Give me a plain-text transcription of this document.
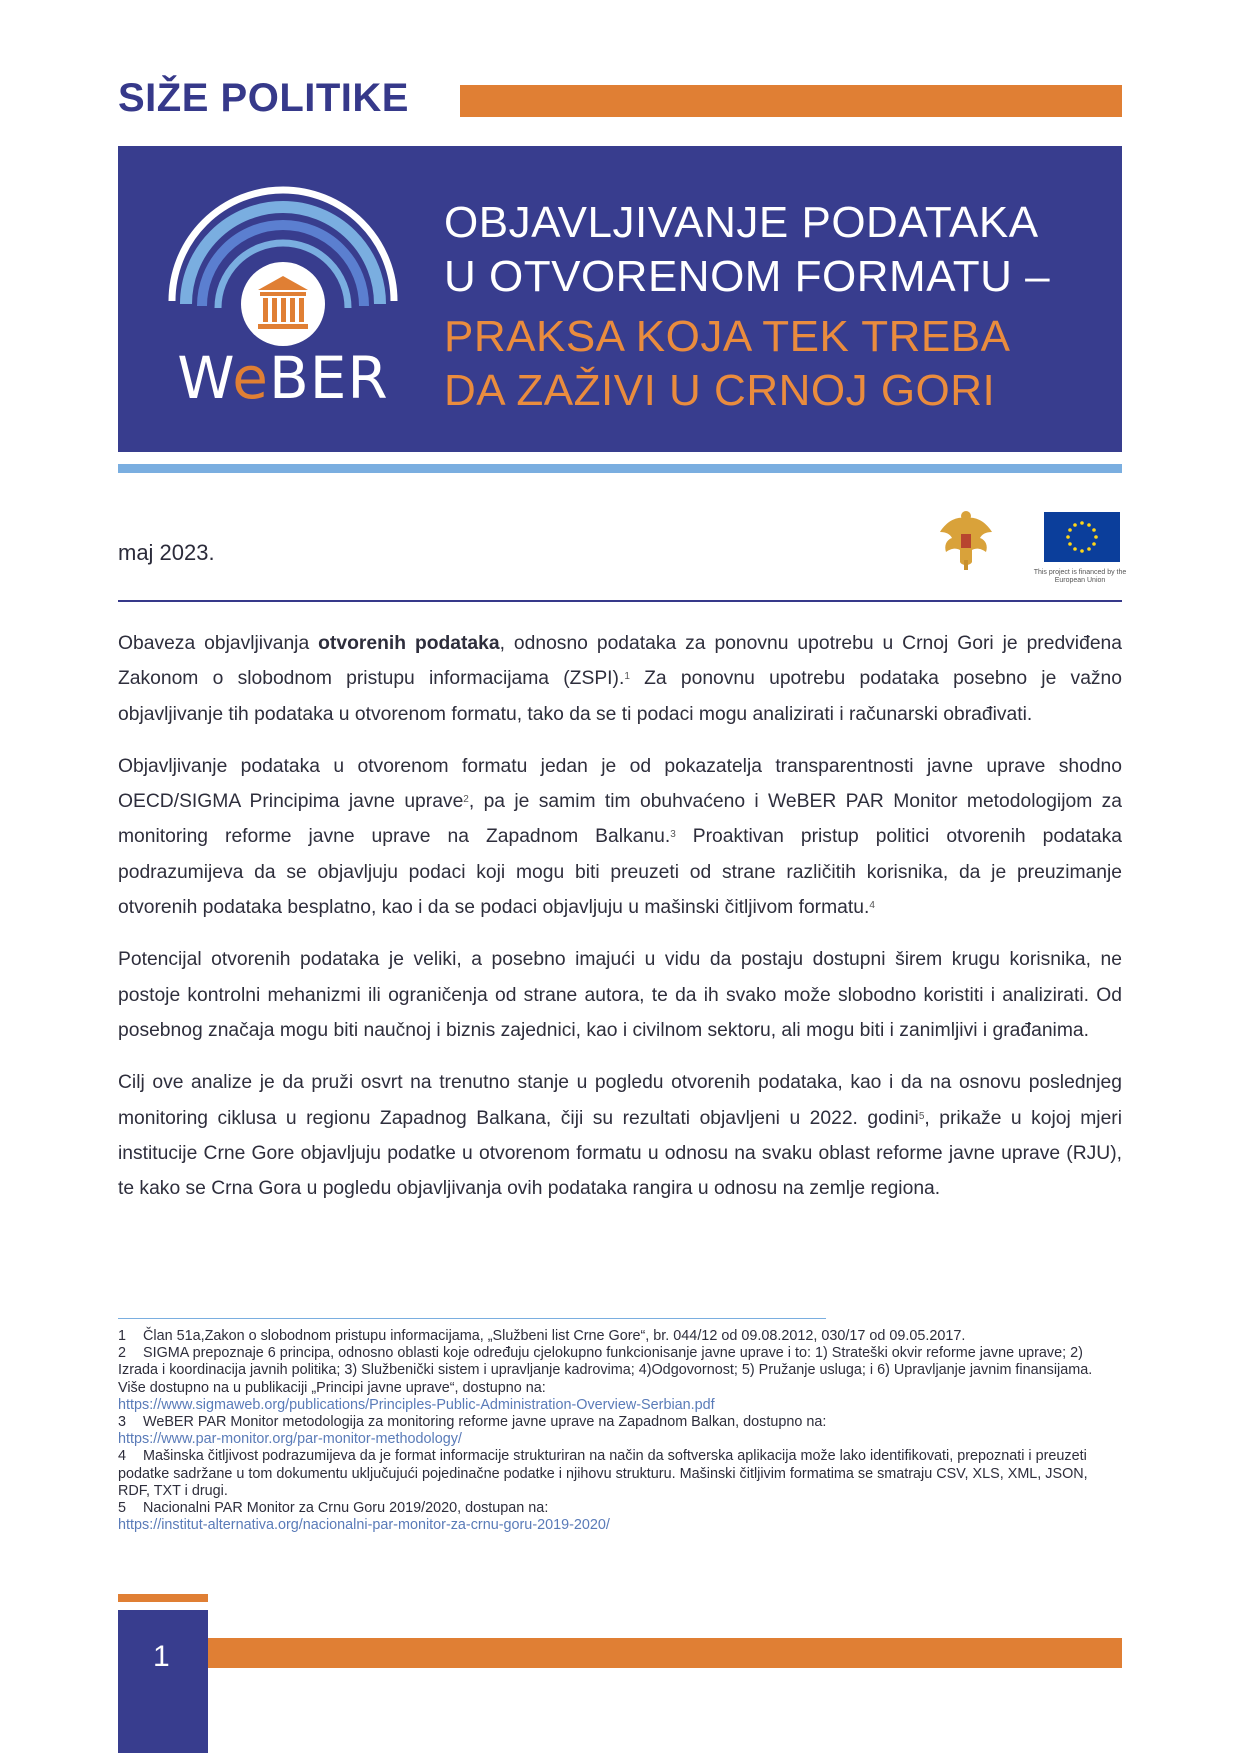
SIŽE POLITIKE
WeBER
OBJAVLJIVANJE PODATAKA
U OTVORENOM FORMATU –
PRAKSA KOJA TEK TREBA
DA ZAŽIVI U CRNOJ GORI
maj 2023.
This project is financed by the European Union

Obaveza objavljivanja otvorenih podataka, odnosno podataka za ponovnu upotrebu u Crnoj Gori je predviđena Zakonom o slobodnom pristupu informacijama (ZSPI).$^1$ Za ponovnu upotrebu podataka posebno je važno objavljivanje tih podataka u otvorenom formatu, tako da se ti podaci mogu analizirati i računarski obrađivati.

Objavljivanje podataka u otvorenom formatu jedan je od pokazatelja transparentnosti javne uprave shodno OECD/SIGMA Principima javne uprave$^2$, pa je samim tim obuhvaćeno i WeBER PAR Monitor metodologijom za monitoring reforme javne uprave na Zapadnom Balkanu.$^3$ Proaktivan pristup politici otvorenih podataka podrazumijeva da se objavljuju podaci koji mogu biti preuzeti od strane različitih korisnika, da je preuzimanje otvorenih podataka besplatno, kao i da se podaci objavljuju u mašinski čitljivom formatu.$^4$

Potencijal otvorenih podataka je veliki, a posebno imajući u vidu da postaju dostupni širem krugu korisnika, ne postoje kontrolni mehanizmi ili ograničenja od strane autora, te da ih svako može slobodno koristiti i analizirati. Od posebnog značaja mogu biti naučnoj i biznis zajednici, kao i civilnom sektoru, ali mogu biti i zanimljivi i građanima.

Cilj ove analize je da pruži osvrt na trenutno stanje u pogledu otvorenih podataka, kao i da na osnovu poslednjeg monitoring ciklusa u regionu Zapadnog Balkana, čiji su rezultati objavljeni u 2022. godini$^5$, prikaže u kojoj mjeri institucije Crne Gore objavljuju podatke u otvorenom formatu u odnosu na svaku oblast reforme javne uprave (RJU), te kako se Crna Gora u pogledu objavljivanja ovih podataka rangira u odnosu na zemlje regiona.

1 Član 51a,Zakon o slobodnom pristupu informacijama, „Službeni list Crne Gore“, br. 044/12 od 09.08.2012, 030/17 od 09.05.2017.
2 SIGMA prepoznaje 6 principa, odnosno oblasti koje određuju cjelokupno funkcionisanje javne uprave i to: 1) Strateški okvir reforme javne uprave; 2) Izrada i koordinacija javnih politika; 3) Službenički sistem i upravljanje kadrovima; 4)Odgovornost; 5) Pružanje usluga; i 6) Upravljanje javnim finansijama. Više dostupno na u publikaciji „Principi javne uprave“, dostupno na:
https://www.sigmaweb.org/publications/Principles-Public-Administration-Overview-Serbian.pdf
3 WeBER PAR Monitor metodologija za monitoring reforme javne uprave na Zapadnom Balkan, dostupno na:
https://www.par-monitor.org/par-monitor-methodology/
4 Mašinska čitljivost podrazumijeva da je format informacije strukturiran na način da softverska aplikacija može lako identifikovati, prepoznati i preuzeti podatke sadržane u tom dokumentu uključujući pojedinačne podatke i njihovu strukturu. Mašinski čitljivim formatima se smatraju CSV, XLS, XML, JSON, RDF, TXT i drugi.
5 Nacionalni PAR Monitor za Crnu Goru 2019/2020, dostupan na:
https://institut-alternativa.org/nacionalni-par-monitor-za-crnu-goru-2019-2020/
1
